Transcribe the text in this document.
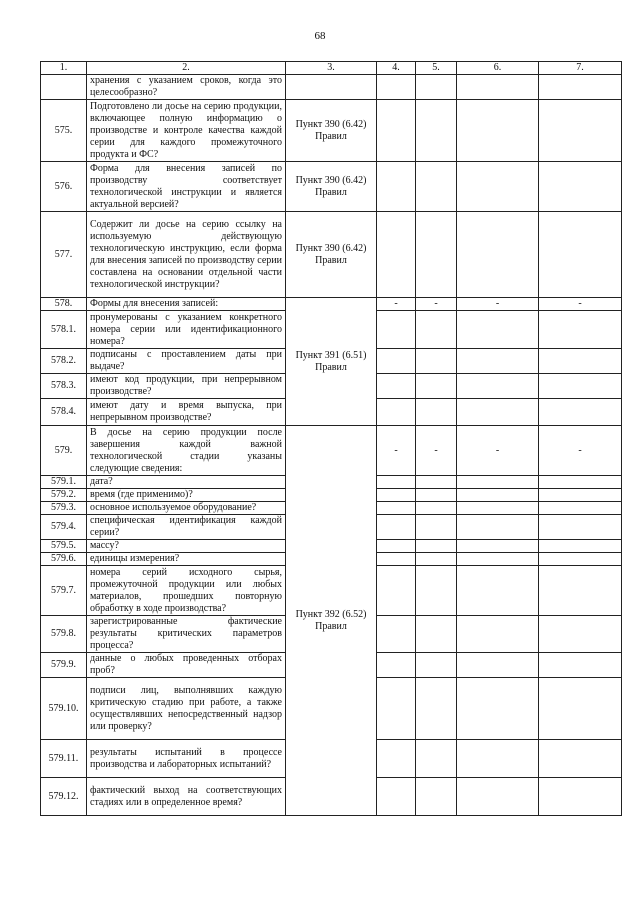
68
1.	2.	3.	4.	5.	6.	7.
	хранения с указанием сроков, когда это целесообразно?					
575.	Подготовлено ли досье на серию продукции, включающее полную информацию о производстве и контроле качества каждой серии для каждого промежуточного продукта и ФС?	Пункт 390 (6.42) Правил				
576.	Форма для внесения записей по производству соответствует технологической инструкции и является актуальной версией?	Пункт 390 (6.42) Правил				
577.	Содержит ли досье на серию ссылку на используемую действующую технологическую инструкцию, если форма для внесения записей по производству серии составлена на основании отдельной части технологической инструкции?	Пункт 390 (6.42) Правил				
578.	Формы для внесения записей:	Пункт 391 (6.51) Правил	-	-	-	-
578.1.	пронумерованы с указанием конкретного номера серии или идентификационного номера?					
578.2.	подписаны с проставлением даты при выдаче?					
578.3.	имеют код продукции, при непрерывном производстве?					
578.4.	имеют дату и время выпуска, при непрерывном производстве?					
579.	В досье на серию продукции после завершения каждой важной технологической стадии указаны следующие сведения:	Пункт 392 (6.52) Правил	-	-	-	-
579.1.	дата?					
579.2.	время (где применимо)?					
579.3.	основное используемое оборудование?					
579.4.	специфическая идентификация каждой серии?					
579.5.	массу?					
579.6.	единицы измерения?					
579.7.	номера серий исходного сырья, промежуточной продукции или любых материалов, прошедших повторную обработку в ходе производства?					
579.8.	зарегистрированные фактические результаты критических параметров процесса?					
579.9.	данные о любых проведенных отборах проб?					
579.10.	подписи лиц, выполнявших каждую критическую стадию при работе, а также осуществлявших непосредственный надзор или проверку?					
579.11.	результаты испытаний в процессе производства и лабораторных испытаний?					
579.12.	фактический выход на соответствующих стадиях или в определенное время?					
